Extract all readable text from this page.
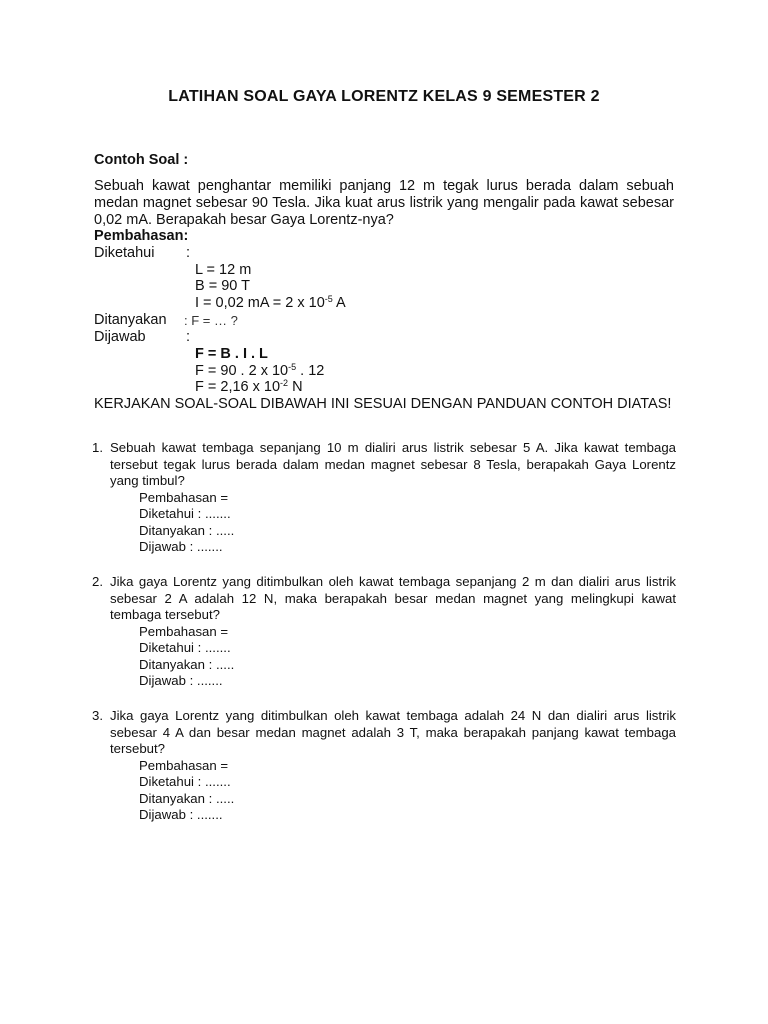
LATIHAN SOAL GAYA LORENTZ KELAS 9 SEMESTER 2
Contoh Soal :
Sebuah kawat penghantar memiliki panjang 12 m tegak lurus berada dalam sebuah medan magnet sebesar 90 Tesla. Jika kuat arus listrik yang mengalir pada kawat sebesar 0,02 mA. Berapakah besar Gaya Lorentz-nya?
Pembahasan:
Diketahui :
L = 12 m
B = 90 T
I = 0,02 mA = 2 x $10^{-5}$ A
Ditanyakan : F = … ?
Dijawab	:
F = B . I . L
F = 90 . 2 x $10^{-5}$ . 12
F = 2,16 x $10^{-2}$ N
KERJAKAN SOAL-SOAL DIBAWAH INI SESUAI DENGAN PANDUAN CONTOH DIATAS!
1. Sebuah kawat tembaga sepanjang 10 m dialiri arus listrik sebesar 5 A. Jika kawat tembaga tersebut tegak lurus berada dalam medan magnet sebesar 8 Tesla, berapakah Gaya Lorentz yang timbul?
Pembahasan =
Diketahui : .......
Ditanyakan : .....
Dijawab : .......
2. Jika gaya Lorentz yang ditimbulkan oleh kawat tembaga sepanjang 2 m dan dialiri arus listrik sebesar 2 A adalah 12 N, maka berapakah besar medan magnet yang melingkupi kawat tembaga tersebut?
Pembahasan =
Diketahui : .......
Ditanyakan : .....
Dijawab : .......
3. Jika gaya Lorentz yang ditimbulkan oleh kawat tembaga adalah 24 N dan dialiri arus listrik sebesar 4 A dan besar medan magnet adalah 3 T, maka berapakah panjang kawat tembaga tersebut?
Pembahasan =
Diketahui : .......
Ditanyakan : .....
Dijawab : .......
